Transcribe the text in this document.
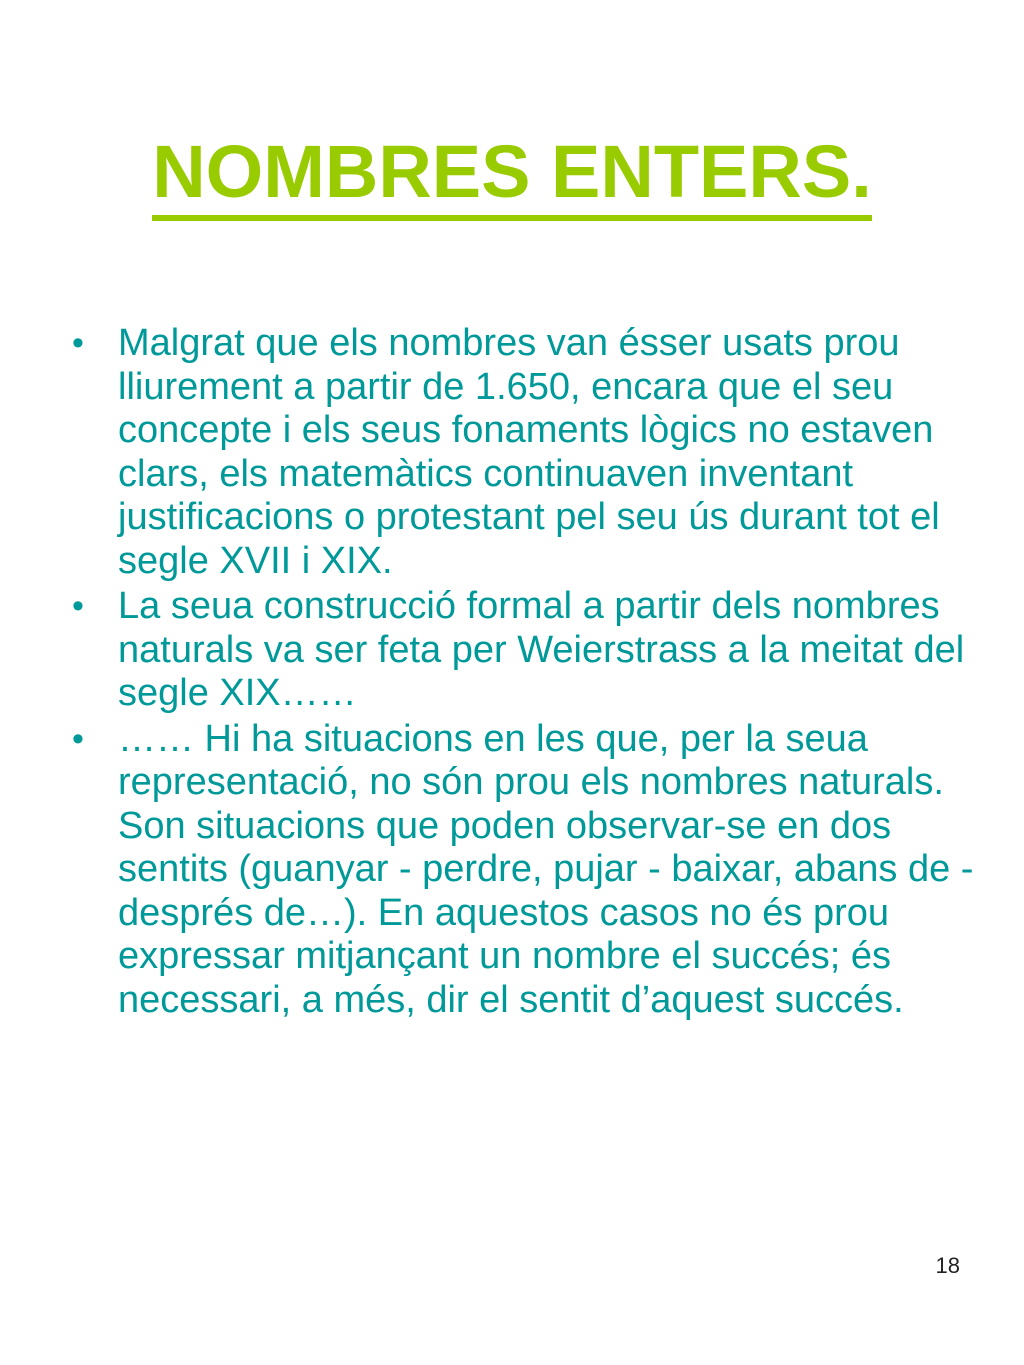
NOMBRES ENTERS.
• Malgrat que els nombres van ésser usats prou lliurement a partir de 1.650, encara que el seu concepte i els seus fonaments lògics no estaven clars, els matemàtics continuaven inventant justificacions o protestant pel seu ús durant tot el segle XVII i XIX.
• La seua construcció formal a partir dels nombres naturals va ser feta per Weierstrass a la meitat del segle XIX……
• …… Hi ha situacions en les que, per la seua representació, no són prou els nombres naturals. Son situacions que poden observar-se en dos sentits (guanyar - perdre, pujar - baixar, abans de - després de…). En aquestos casos no és prou expressar mitjançant un nombre el succés; és necessari, a més, dir el sentit d’aquest succés.
18
